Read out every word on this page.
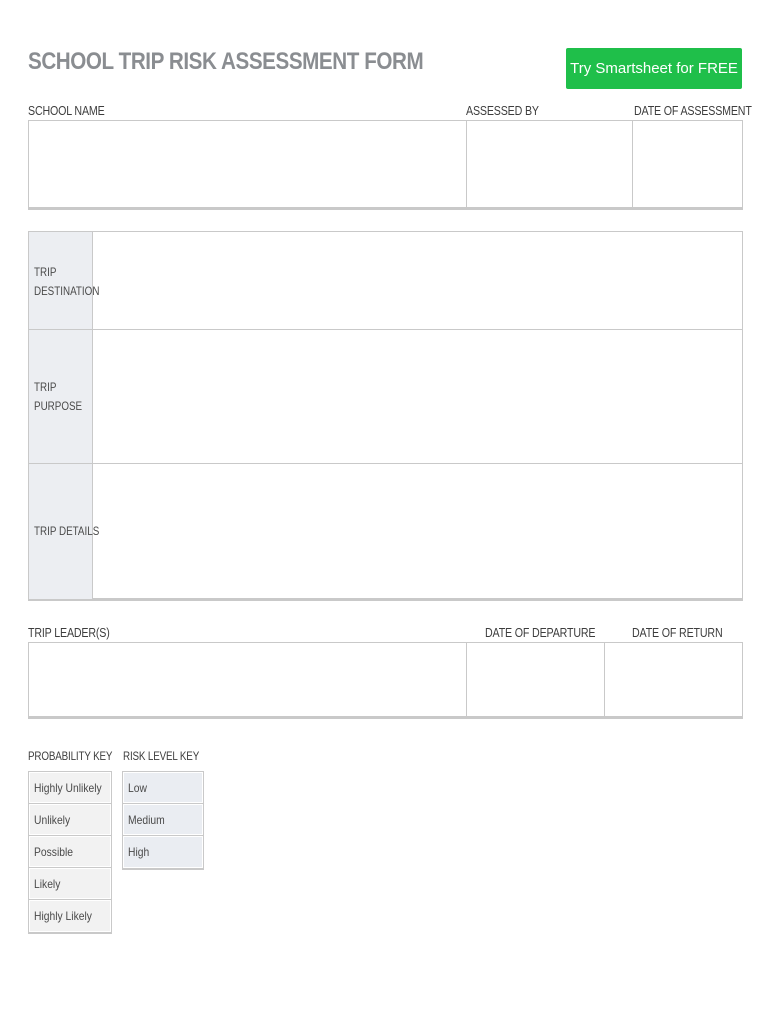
SCHOOL TRIP RISK ASSESSMENT FORM	Try Smartsheet for FREE
SCHOOL NAME	ASSESSED BY	DATE OF ASSESSMENT
TRIP
DESTINATION
TRIP
PURPOSE
TRIP DETAILS
TRIP LEADER(S)	DATE OF DEPARTURE	DATE OF RETURN
PROBABILITY KEY RISK LEVEL KEY
Highly Unlikely
Unlikely
Possible
Likely
Highly Likely
Low
Medium
High
